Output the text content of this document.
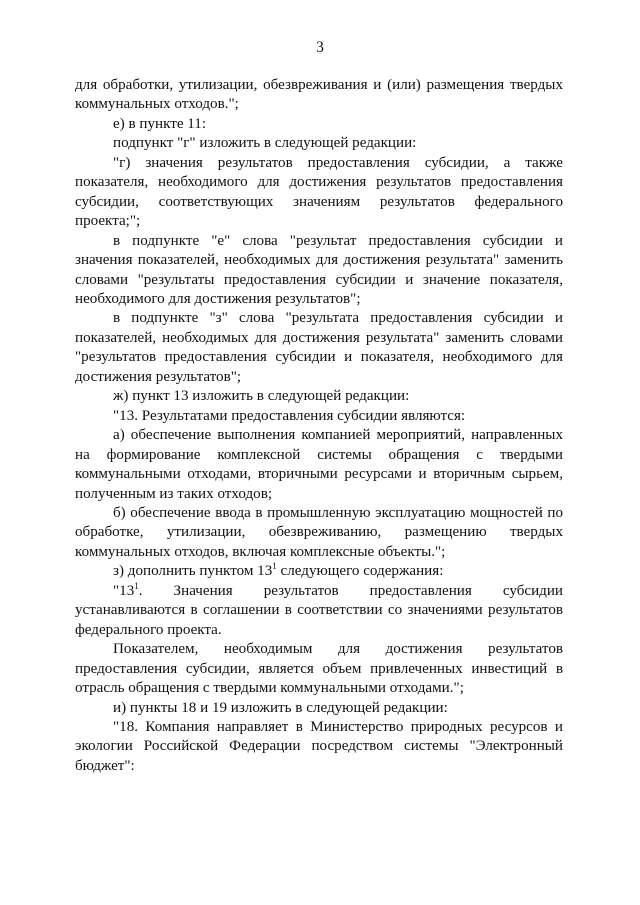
3

для обработки, утилизации, обезвреживания и (или) размещения твердых коммунальных отходов.";

е) в пункте 11:

подпункт "г" изложить в следующей редакции:

"г) значения результатов предоставления субсидии, а также показателя, необходимого для достижения результатов предоставления субсидии, соответствующих значениям результатов федерального проекта;";

в подпункте "е" слова "результат предоставления субсидии и значения показателей, необходимых для достижения результата" заменить словами "результаты предоставления субсидии и значение показателя, необходимого для достижения результатов";

в подпункте "з" слова "результата предоставления субсидии и показателей, необходимых для достижения результата" заменить словами "результатов предоставления субсидии и показателя, необходимого для достижения результатов";

ж) пункт 13 изложить в следующей редакции:

"13. Результатами предоставления субсидии являются:

а) обеспечение выполнения компанией мероприятий, направленных на формирование комплексной системы обращения с твердыми коммунальными отходами, вторичными ресурсами и вторичным сырьем, полученным из таких отходов;

б) обеспечение ввода в промышленную эксплуатацию мощностей по обработке, утилизации, обезвреживанию, размещению твердых коммунальных отходов, включая комплексные объекты.";

з) дополнить пунктом $13^1$ следующего содержания:

"$13^1$. Значения результатов предоставления субсидии устанавливаются в соглашении в соответствии со значениями результатов федерального проекта.

Показателем, необходимым для достижения результатов предоставления субсидии, является объем привлеченных инвестиций в отрасль обращения с твердыми коммунальными отходами.";

и) пункты 18 и 19 изложить в следующей редакции:

"18. Компания направляет в Министерство природных ресурсов и экологии Российской Федерации посредством системы "Электронный бюджет":
